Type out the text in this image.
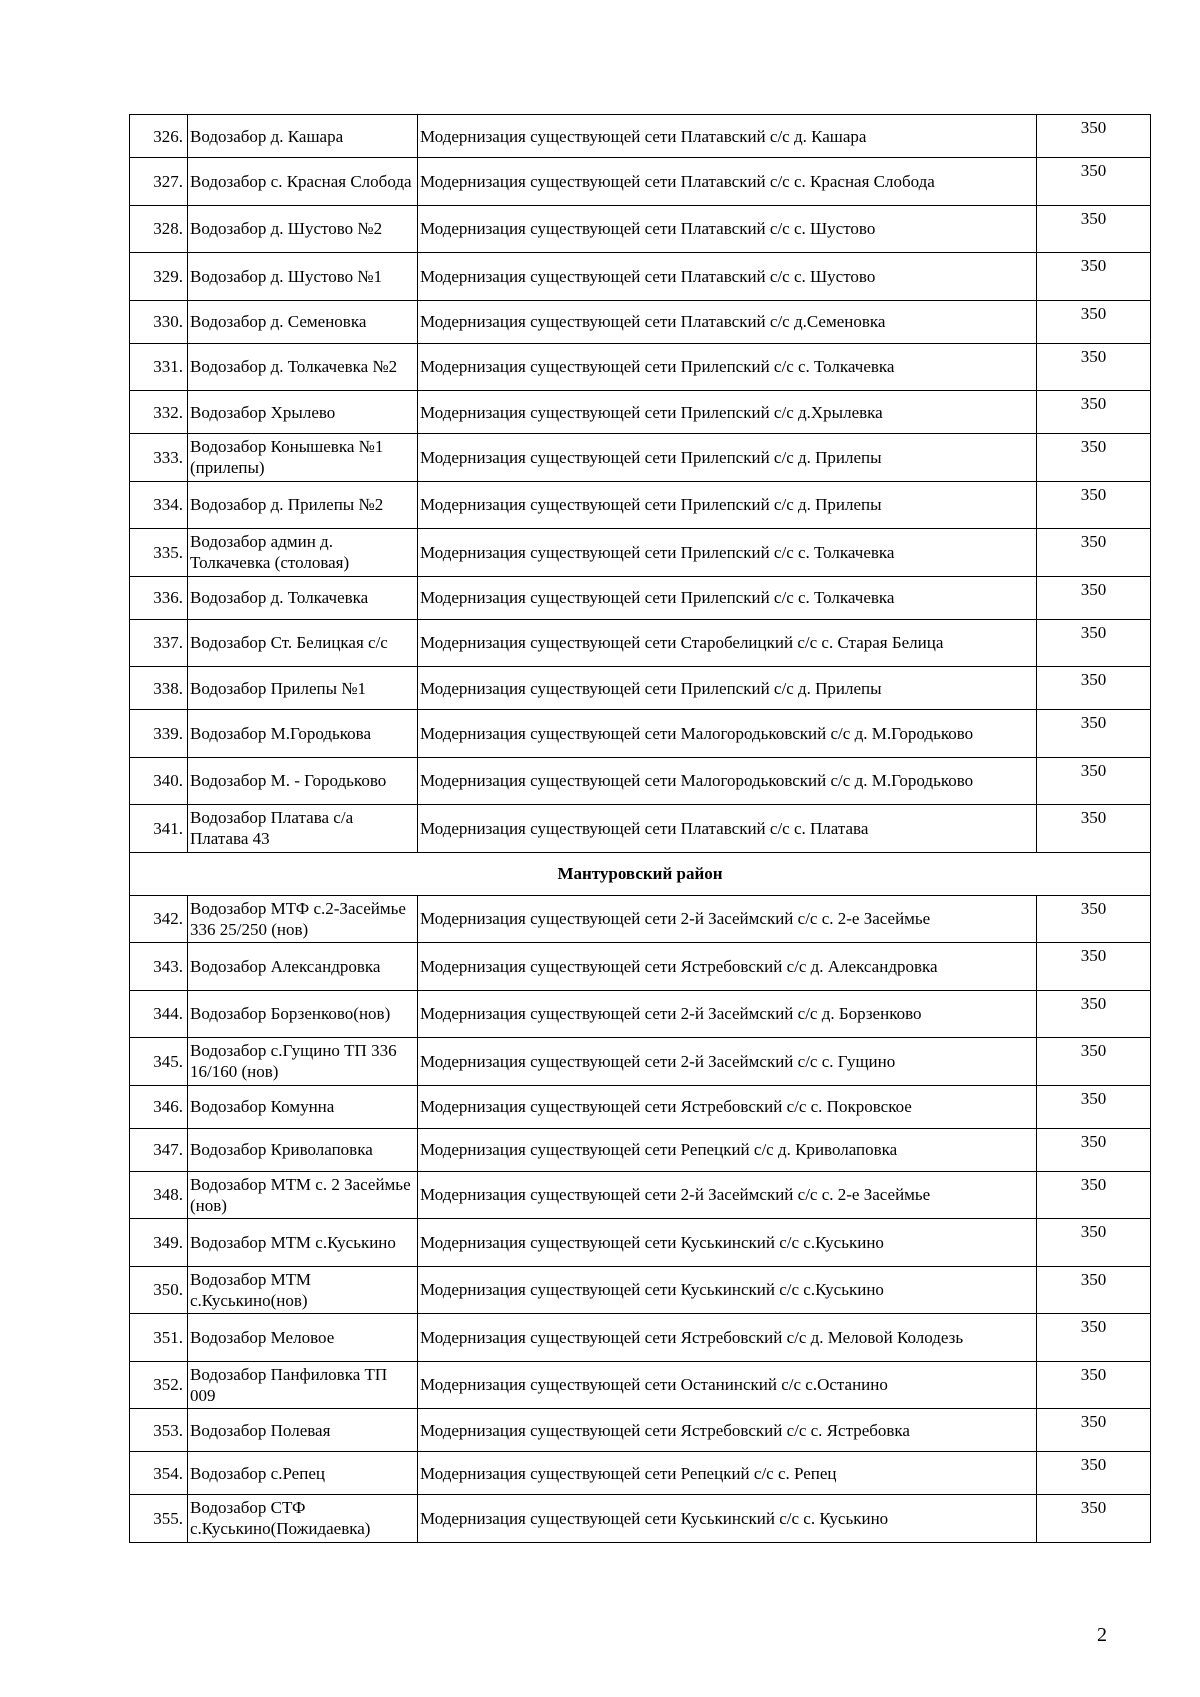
326.	Водозабор д. Кашара	Модернизация существующей сети Платавский с/с д. Кашара	350
327.	Водозабор с. Красная Слобода	Модернизация существующей сети Платавский с/с с. Красная Слобода	350
328.	Водозабор д. Шустово №2	Модернизация существующей сети Платавский с/с с. Шустово	350
329.	Водозабор д. Шустово №1	Модернизация существующей сети Платавский с/с с. Шустово	350
330.	Водозабор д. Семеновка	Модернизация существующей сети Платавский с/с д.Семеновка	350
331.	Водозабор д. Толкачевка №2	Модернизация существующей сети Прилепский с/с с. Толкачевка	350
332.	Водозабор Хрылево	Модернизация существующей сети Прилепский с/с д.Хрылевка	350
333.	Водозабор Конышевка №1 (прилепы)	Модернизация существующей сети Прилепский с/с д. Прилепы	350
334.	Водозабор д. Прилепы №2	Модернизация существующей сети Прилепский с/с д. Прилепы	350
335.	Водозабор админ д. Толкачевка (столовая)	Модернизация существующей сети Прилепский с/с с. Толкачевка	350
336.	Водозабор д. Толкачевка	Модернизация существующей сети Прилепский с/с с. Толкачевка	350
337.	Водозабор Ст. Белицкая с/с	Модернизация существующей сети Старобелицкий с/с с. Старая Белица	350
338.	Водозабор Прилепы №1	Модернизация существующей сети Прилепский с/с д. Прилепы	350
339.	Водозабор М.Городькова	Модернизация существующей сети Малогородьковский с/с д. М.Городьково	350
340.	Водозабор М. - Городьково	Модернизация существующей сети Малогородьковский с/с д. М.Городьково	350
341.	Водозабор Платава с/а Платава 43	Модернизация существующей сети Платавский с/с с. Платава	350
Мантуровский район			
342.	Водозабор МТФ с.2-Засеймье 336 25/250 (нов)	Модернизация существующей сети 2-й Засеймский с/с с. 2-е Засеймье	350
343.	Водозабор Александровка	Модернизация существующей сети Ястребовский с/с д. Александровка	350
344.	Водозабор Борзенково(нов)	Модернизация существующей сети 2-й Засеймский с/с д. Борзенково	350
345.	Водозабор с.Гущино ТП 336 16/160 (нов)	Модернизация существующей сети 2-й Засеймский с/с с. Гущино	350
346.	Водозабор Комунна	Модернизация существующей сети Ястребовский с/с с. Покровское	350
347.	Водозабор Криволаповка	Модернизация существующей сети Репецкий с/с д. Криволаповка	350
348.	Водозабор МТМ с. 2 Засеймье (нов)	Модернизация существующей сети 2-й Засеймский с/с с. 2-е Засеймье	350
349.	Водозабор МТМ с.Куськино	Модернизация существующей сети Куськинский с/с с.Куськино	350
350.	Водозабор МТМ с.Куськино(нов)	Модернизация существующей сети Куськинский с/с с.Куськино	350
351.	Водозабор Меловое	Модернизация существующей сети Ястребовский с/с д. Меловой Колодезь	350
352.	Водозабор Панфиловка ТП 009	Модернизация существующей сети Останинский с/с с.Останино	350
353.	Водозабор Полевая	Модернизация существующей сети Ястребовский с/с с. Ястребовка	350
354.	Водозабор с.Репец	Модернизация существующей сети Репецкий с/с с. Репец	350
355.	Водозабор СТФ с.Куськино(Пожидаевка)	Модернизация существующей сети Куськинский с/с с. Куськино	350
2
